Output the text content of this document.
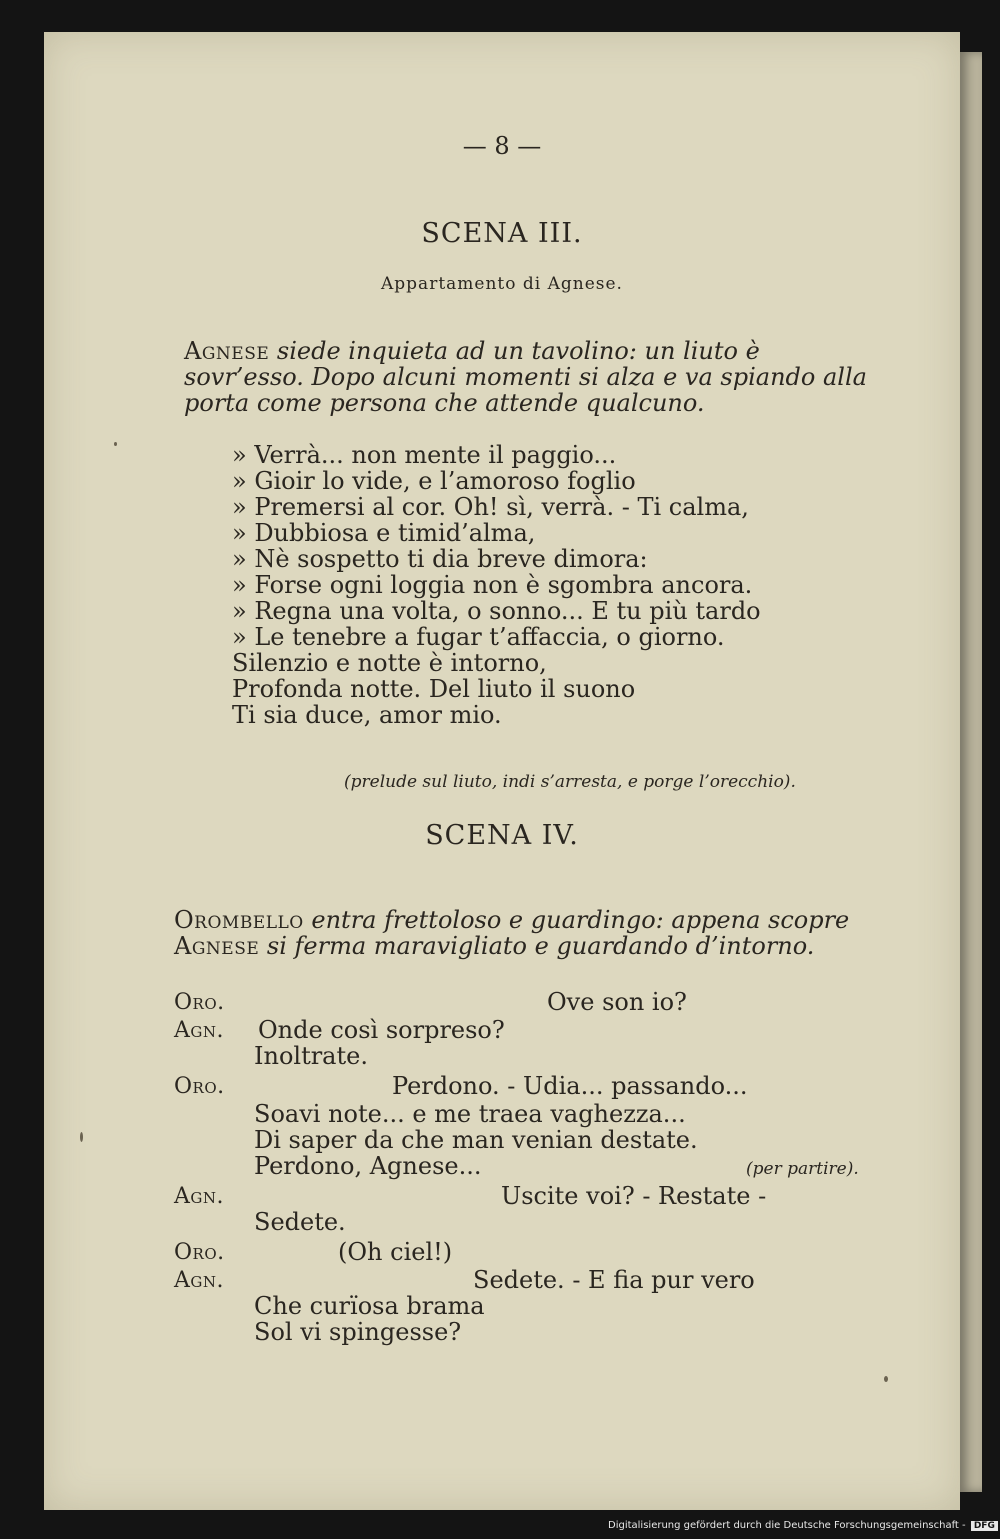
— 8 —
SCENA III.
Appartamento di Agnese.
Agnese siede inquieta ad un tavolino: un liuto è sovr’esso. Dopo alcuni momenti si alza e va spiando alla porta come persona che attende qualcuno.
» Verrà... non mente il paggio...
» Gioir lo vide, e l’amoroso foglio
» Premersi al cor. Oh! sì, verrà. - Ti calma,
» Dubbiosa e timid’alma,
» Nè sospetto ti dia breve dimora:
» Forse ogni loggia non è sgombra ancora.
» Regna una volta, o sonno... E tu più tardo
» Le tenebre a fugar t’affaccia, o giorno.
Silenzio e notte è intorno,
Profonda notte. Del liuto il suono
Ti sia duce, amor mio.
(prelude sul liuto, indi s’arresta, e porge l’orecchio).
SCENA IV.
Orombello entra frettoloso e guardingo: appena scopre Agnese si ferma maravigliato e guardando d’intorno.
Oro.	Ove son io?
Agn. Onde così sorpreso?
Inoltrate.
Oro.	Perdono. - Udia... passando...
Soavi note... e me traea vaghezza...
Di saper da che man venian destate.
Perdono, Agnese...	(per partire).
Agn.	Uscite voi? - Restate -
Sedete.
Oro.	(Oh ciel!)
Agn.	Sedete. - E fia pur vero
Che curïosa brama
Sol vi spingesse?
Digitalisierung gefördert durch die Deutsche Forschungsgemeinschaft - DFG
